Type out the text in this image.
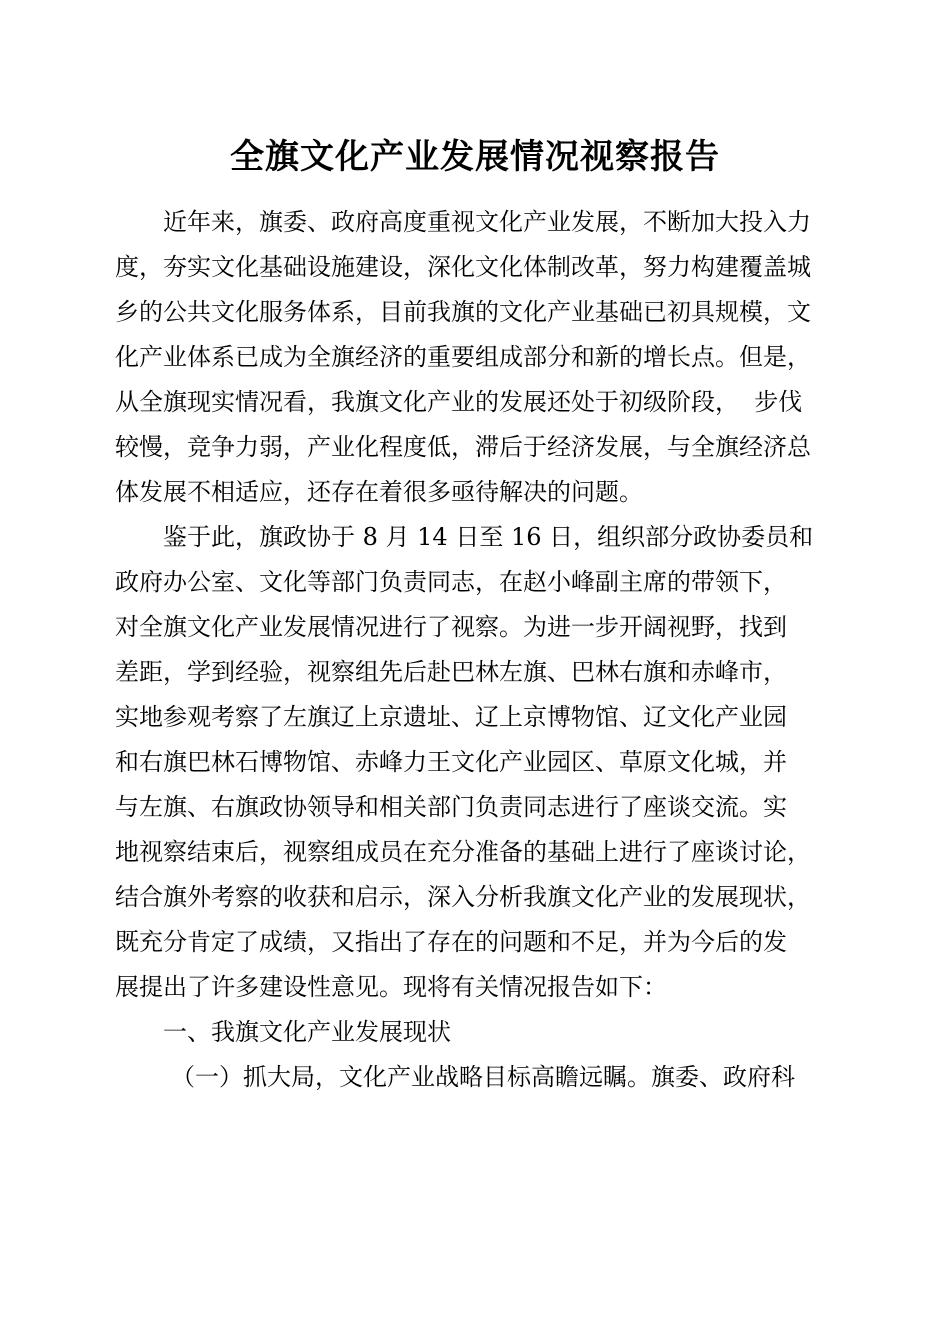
全旗文化产业发展情况视察报告
近年来，旗委、政府高度重视文化产业发展，不断加大投入力
度，夯实文化基础设施建设，深化文化体制改革，努力构建覆盖城
乡的公共文化服务体系，目前我旗的文化产业基础已初具规模，文
化产业体系已成为全旗经济的重要组成部分和新的增长点。但是，
从全旗现实情况看，我旗文化产业的发展还处于初级阶段，  步伐
较慢，竞争力弱，产业化程度低，滞后于经济发展，与全旗经济总
体发展不相适应，还存在着很多亟待解决的问题。
鉴于此，旗政协于 8 月 14 日至 16 日，组织部分政协委员和
政府办公室、文化等部门负责同志，在赵小峰副主席的带领下，
对全旗文化产业发展情况进行了视察。为进一步开阔视野，找到
差距，学到经验，视察组先后赴巴林左旗、巴林右旗和赤峰市，
实地参观考察了左旗辽上京遗址、辽上京博物馆、辽文化产业园
和右旗巴林石博物馆、赤峰力王文化产业园区、草原文化城，并
与左旗、右旗政协领导和相关部门负责同志进行了座谈交流。实
地视察结束后，视察组成员在充分准备的基础上进行了座谈讨论，
结合旗外考察的收获和启示，深入分析我旗文化产业的发展现状，
既充分肯定了成绩，又指出了存在的问题和不足，并为今后的发
展提出了许多建设性意见。现将有关情况报告如下：
一、我旗文化产业发展现状
（一）抓大局，文化产业战略目标高瞻远瞩。旗委、政府科
